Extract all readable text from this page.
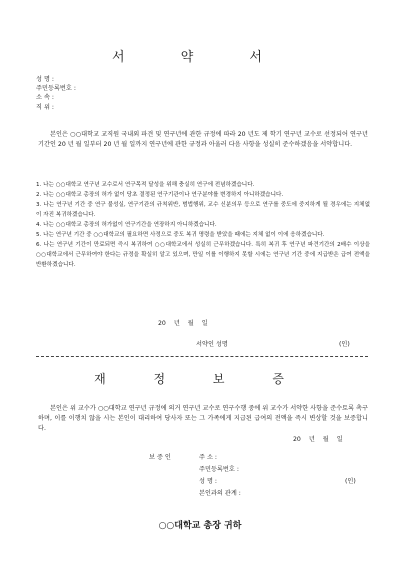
서 약 서
성 명 :
주민등록번호 :
소 속 :
직 위 :
본인은 ○○대학교 교직원 국내외 파견 및 연구년에 관한 규정에 따라 20 년도 제 학기 연구년 교수로 선정되어 연구년 기간인 20 년 월 일부터 20 년 월 일까지 연구년에 관한 규정과 아울러 다음 사항을 성실히 준수하겠음을 서약합니다.

1. 나는 ○○대학교 연구년 교수로서 연구목적 달성을 위해 충실히 연구에 전념하겠습니다.

2. 나는 ○○대학교 총장의 허가 없이 당초 결정된 연구기관이나 연구분야를 변경하지 아니하겠습니다.

3. 나는 연구년 기간 중 연구 불성실, 연구기관의 규칙위반, 범법행위, 교수 신분의무 등으로 연구를 중도에 중지하게 될 경우에는 지체없이 자진 복귀하겠습니다.

4. 나는 ○○대학교 총장의 허가없이 연구기간을 연장하지 아니하겠습니다.

5. 나는 연구년 기간 중 ○○대학교의 필요하면 사정으로 중도 복귀 명령을 받았을 때에는 지체 없이 이에 응하겠습니다.

6. 나는 연구년 기간이 만료되면 즉시 복귀하여 ○○대학교에서 성실히 근무하겠습니다. 특히 복귀 후 연구년 파견기간의 2배수 이상을 ○○대학교에서 근무하여야 한다는 규정을 확실히 알고 있으며, 만일 이를 이행하지 못할 시에는 연구년 기간 중에 지급받은 급여 전액을 반환하겠습니다.

20 년 월 일
서약인 성명	(인)
재 정 보 증
본인은 위 교수가 ○○대학교 연구년 규정에 의거 연구년 교수로 연구수행 중에 위 교수가 서약한 사항을 준수토록 촉구하며, 이를 이행치 않을 시는 본인이 대리하여 당사자 또는 그 가족에게 지급된 급여의 전액을 즉시 변상할 것을 보증합니다.
20 년 월 일
보 증 인	주 소 :
주민등록번호 :
성 명 :
본인과의 관계 :
(인)
○○대학교 총장 귀하
